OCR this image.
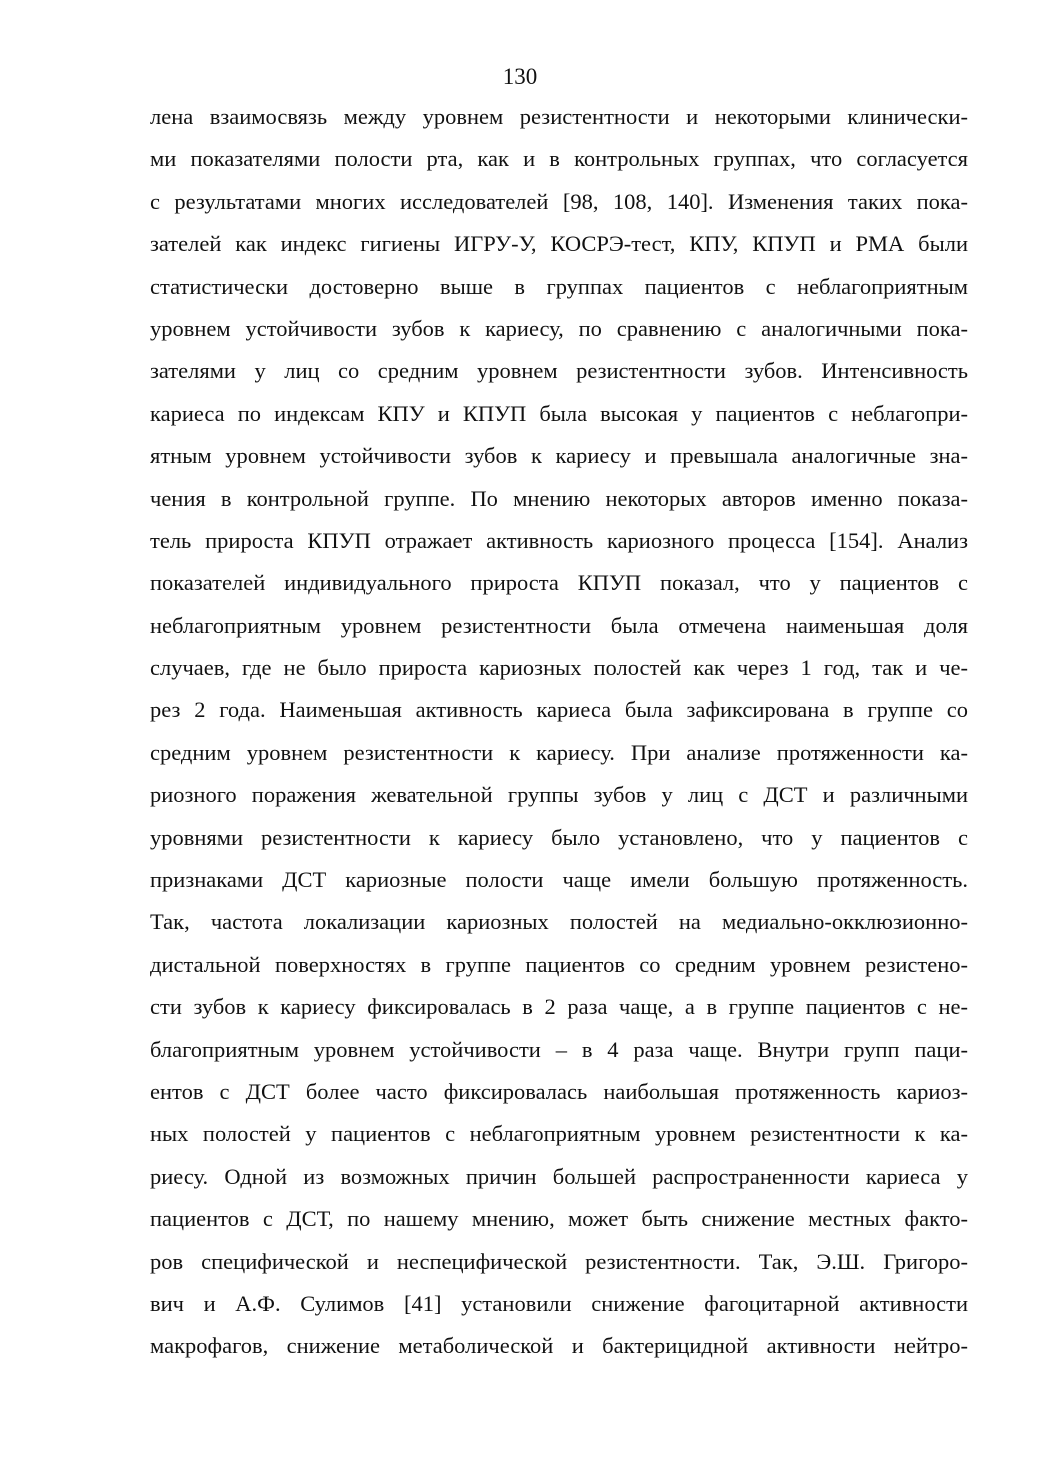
130
лена взаимосвязь между уровнем резистентности и некоторыми клинически-
ми показателями полости рта, как и в контрольных группах, что согласуется
с результатами многих исследователей [98, 108, 140]. Изменения таких пока-
зателей как индекс гигиены ИГРУ-У, КОСРЭ-тест, КПУ, КПУП и РМА были
статистически достоверно выше в группах пациентов с неблагоприятным
уровнем устойчивости зубов к кариесу, по сравнению с аналогичными пока-
зателями у лиц со средним уровнем резистентности зубов. Интенсивность
кариеса по индексам КПУ и КПУП была высокая у пациентов с неблагопри-
ятным уровнем устойчивости зубов к кариесу и превышала аналогичные зна-
чения в контрольной группе. По мнению некоторых авторов именно показа-
тель прироста КПУП отражает активность кариозного процесса [154]. Анализ
показателей индивидуального прироста КПУП показал, что у пациентов с
неблагоприятным уровнем резистентности была отмечена наименьшая доля
случаев, где не было прироста кариозных полостей как через 1 год, так и че-
рез 2 года. Наименьшая активность кариеса была зафиксирована в группе со
средним уровнем резистентности к кариесу. При анализе протяженности ка-
риозного поражения жевательной группы зубов у лиц с ДСТ и различными
уровнями резистентности к кариесу было установлено, что у пациентов с
признаками ДСТ кариозные полости чаще имели большую протяженность.
Так, частота локализации кариозных полостей на медиально-окклюзионно-
дистальной поверхностях в группе пациентов со средним уровнем резистено-
сти зубов к кариесу фиксировалась в 2 раза чаще, а в группе пациентов с не-
благоприятным уровнем устойчивости – в 4 раза чаще. Внутри групп паци-
ентов с ДСТ более часто фиксировалась наибольшая протяженность кариоз-
ных полостей у пациентов с неблагоприятным уровнем резистентности к ка-
риесу. Одной из возможных причин большей распространенности кариеса у
пациентов с ДСТ, по нашему мнению, может быть снижение местных факто-
ров специфической и неспецифической резистентности. Так, Э.Ш. Григоро-
вич и А.Ф. Сулимов [41] установили снижение фагоцитарной активности
макрофагов, снижение метаболической и бактерицидной активности нейтро-
